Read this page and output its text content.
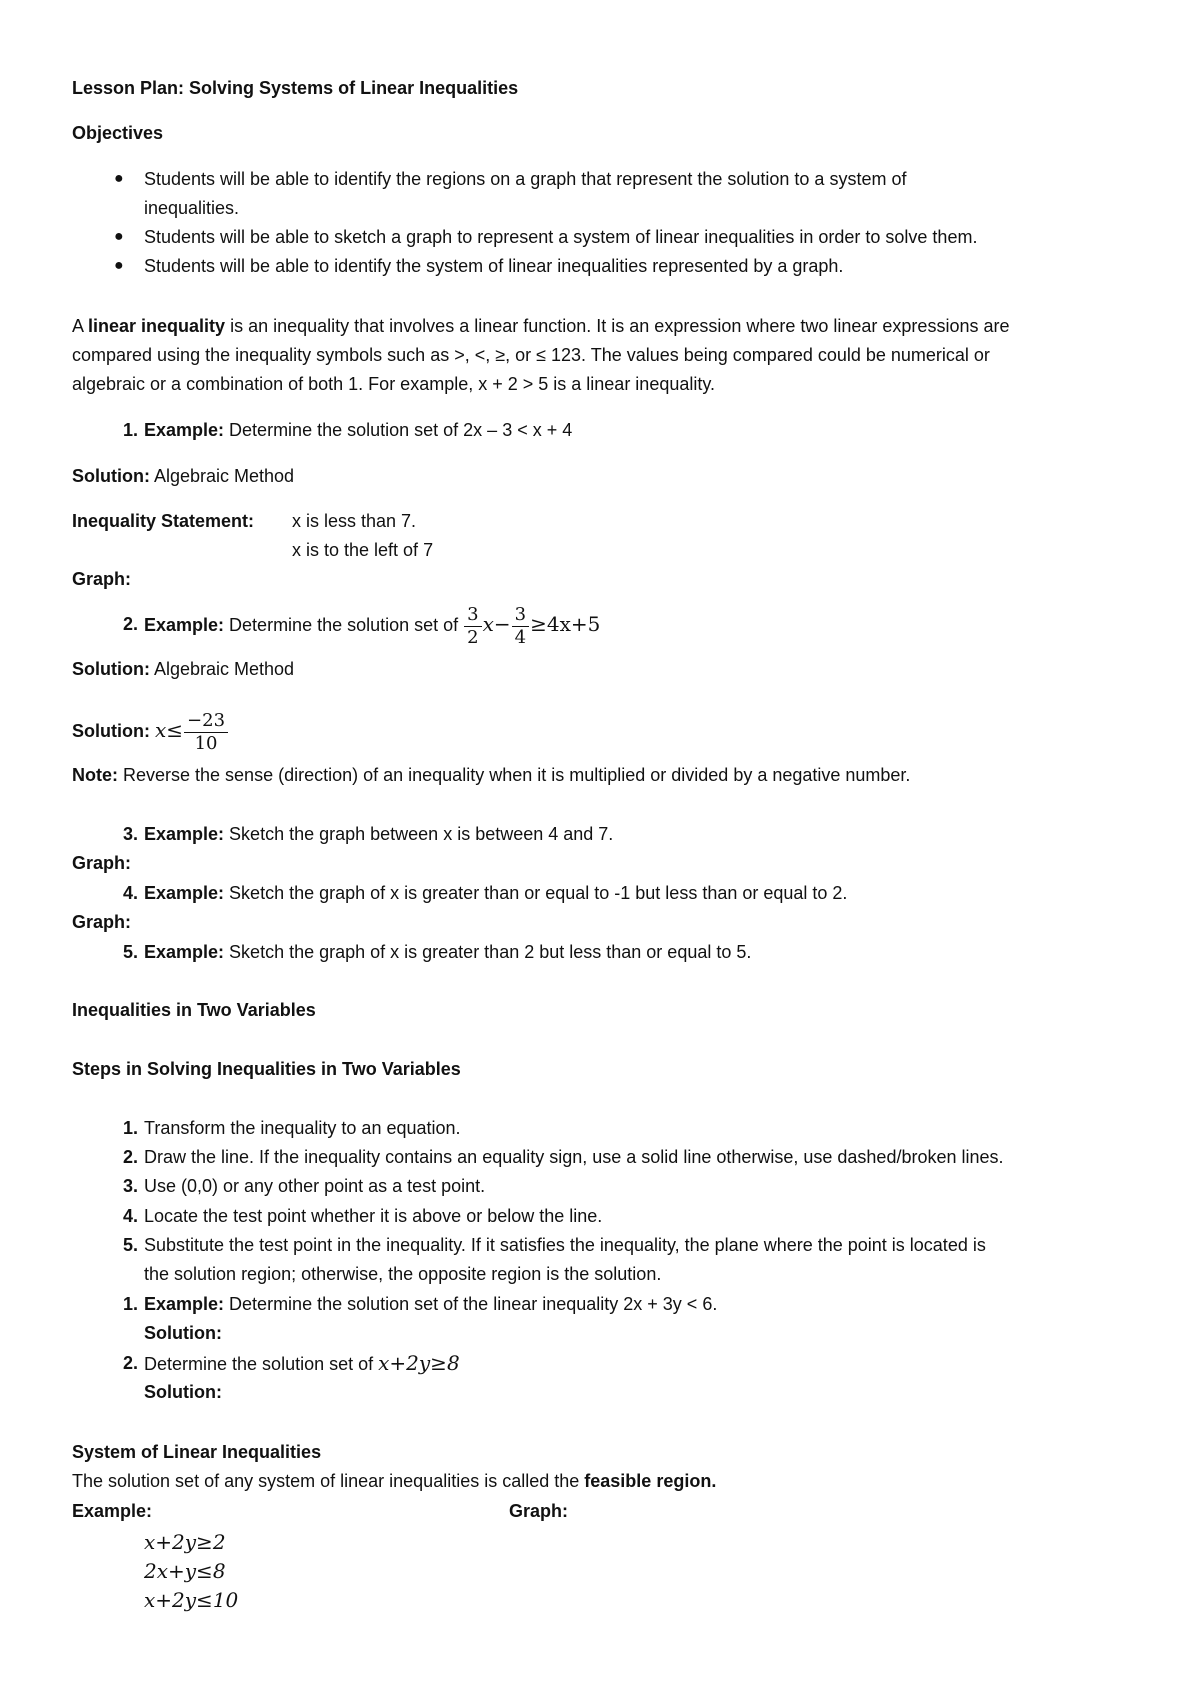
Lesson Plan: Solving Systems of Linear Inequalities
Objectives
● Students will be able to identify the regions on a graph that represent the solution to a system of
inequalities.
● Students will be able to sketch a graph to represent a system of linear inequalities in order to solve them.
● Students will be able to identify the system of linear inequalities represented by a graph.
A linear inequality is an inequality that involves a linear function. It is an expression where two linear expressions are
compared using the inequality symbols such as >, <, ≥, or ≤ 123. The values being compared could be numerical or
algebraic or a combination of both 1. For example, x + 2 > 5 is a linear inequality.
1. Example: Determine the solution set of 2x – 3 < x + 4
Solution: Algebraic Method
Inequality Statement: x is less than 7.
x is to the left of 7
Graph:
2. Example: Determine the solution set of $\frac{3}{2} x- \frac{3}{4} \ge 4x+5$
Solution: Algebraic Method
Solution: $x\le \frac{-23}{10}$
Note: Reverse the sense (direction) of an inequality when it is multiplied or divided by a negative number.
3. Example: Sketch the graph between x is between 4 and 7.
Graph:
4. Example: Sketch the graph of x is greater than or equal to -1 but less than or equal to 2.
Graph:
5. Example: Sketch the graph of x is greater than 2 but less than or equal to 5.
Inequalities in Two Variables
Steps in Solving Inequalities in Two Variables
1. Transform the inequality to an equation.
2. Draw the line. If the inequality contains an equality sign, use a solid line otherwise, use dashed/broken lines.
3. Use (0,0) or any other point as a test point.
4. Locate the test point whether it is above or below the line.
5. Substitute the test point in the inequality. If it satisfies the inequality, the plane where the point is located is
the solution region; otherwise, the opposite region is the solution.
1. Example: Determine the solution set of the linear inequality 2x + 3y < 6.
Solution:
2. Determine the solution set of x+2y≥8
Solution:
System of Linear Inequalities
The solution set of any system of linear inequalities is called the feasible region.
Example:	Graph:
x+2y≥2
2x+y≤8
x+2y≤10
